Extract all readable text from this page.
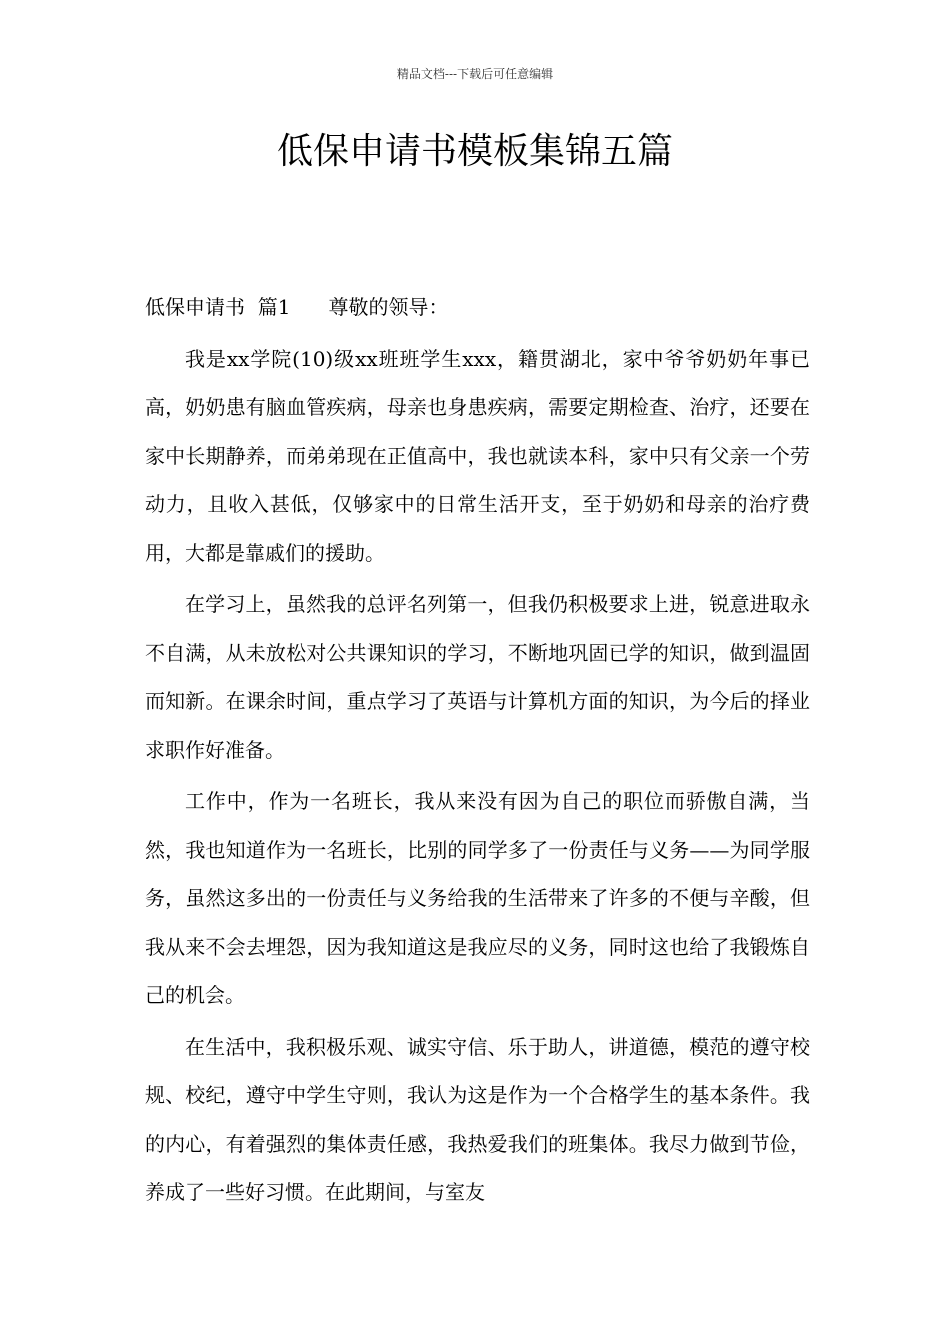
精品文档---下载后可任意编辑
低保申请书模板集锦五篇

低保申请书  篇1 尊敬的领导：

我是xx学院(10)级xx班班学生xxx，籍贯湖北，家中爷爷奶奶年事已高，奶奶患有脑血管疾病，母亲也身患疾病，需要定期检查、治疗，还要在家中长期静养，而弟弟现在正值高中，我也就读本科，家中只有父亲一个劳动力，且收入甚低，仅够家中的日常生活开支，至于奶奶和母亲的治疗费用，大都是靠戚们的援助。

在学习上，虽然我的总评名列第一，但我仍积极要求上进，锐意进取永不自满，从未放松对公共课知识的学习，不断地巩固已学的知识，做到温固而知新。在课余时间，重点学习了英语与计算机方面的知识，为今后的择业求职作好准备。

工作中，作为一名班长，我从来没有因为自己的职位而骄傲自满，当然，我也知道作为一名班长，比别的同学多了一份责任与义务——为同学服务，虽然这多出的一份责任与义务给我的生活带来了许多的不便与辛酸，但我从来不会去埋怨，因为我知道这是我应尽的义务，同时这也给了我锻炼自己的机会。

在生活中，我积极乐观、诚实守信、乐于助人，讲道德，模范的遵守校规、校纪，遵守中学生守则，我认为这是作为一个合格学生的基本条件。我的内心，有着强烈的集体责任感，我热爱我们的班集体。我尽力做到节俭，养成了一些好习惯。在此期间，与室友
